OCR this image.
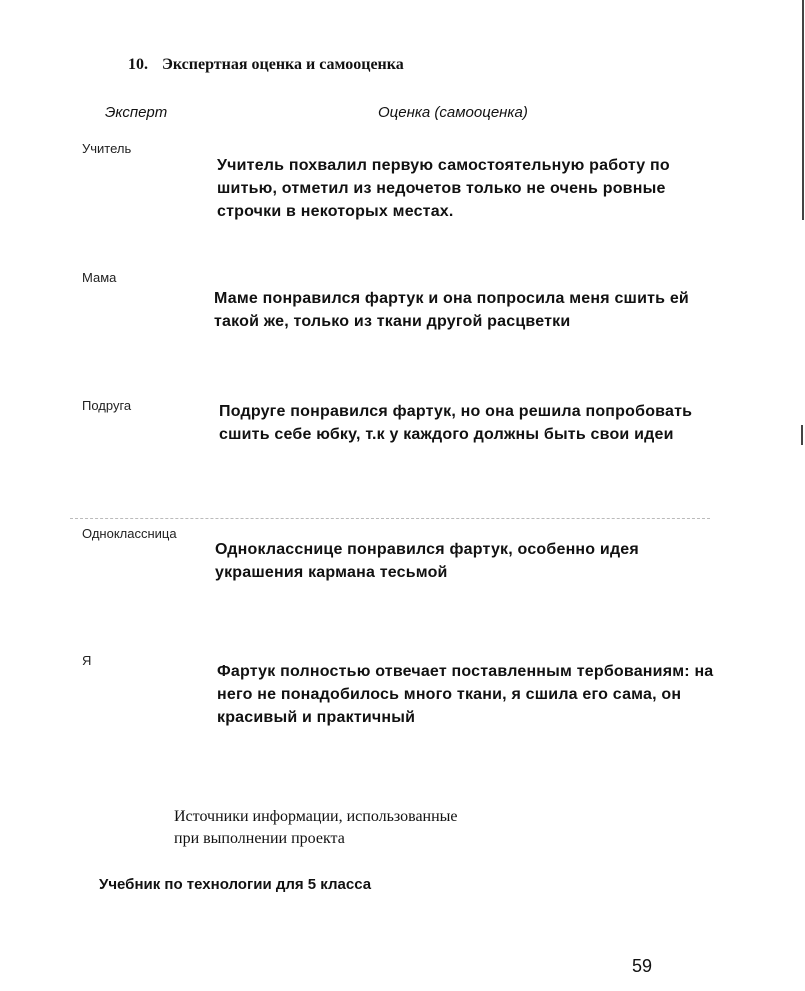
10. Экспертная оценка и самооценка
Эксперт	Оценка (самооценка)
Учитель
Учитель похвалил первую самостоятельную работу по
шитью, отметил из недочетов только не очень ровные
строчки в некоторых местах.
Мама
Маме понравился фартук и она попросила меня сшить ей
такой же, только из ткани другой расцветки
Подруга	Подруге понравился фартук, но она решила попробовать
сшить себе юбку, т.к у каждого должны быть свои идеи
Одноклассница
Однокласснице понравился фартук, особенно идея
украшения кармана тесьмой
Я
Фартук полностью отвечает поставленным тербованиям: на
него не понадобилось много ткани, я сшила его сама, он
красивый и практичный
Источники информации, использованные
при выполнении проекта
Учебник по технологии для 5 класса
59
